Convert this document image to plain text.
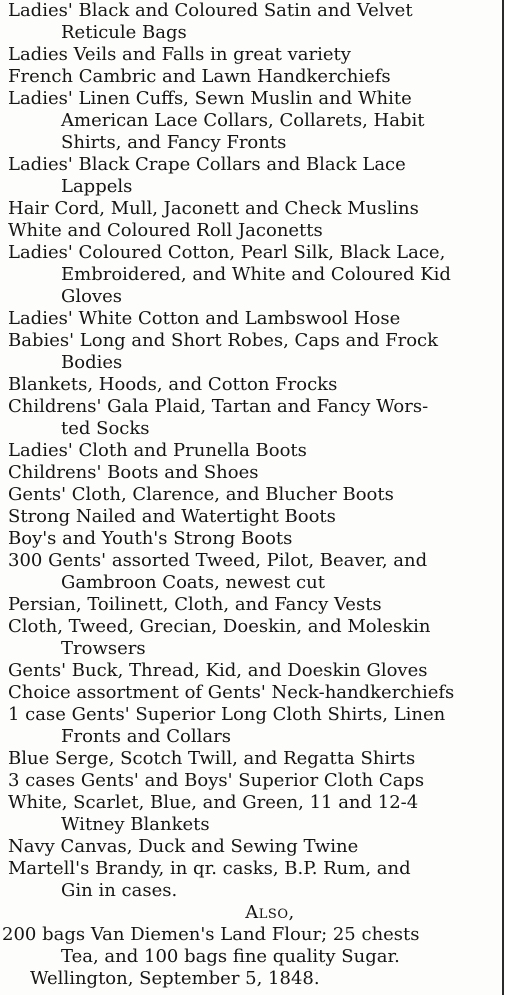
Ladies' Black and Coloured Satin and Velvet
Reticule Bags
Ladies Veils and Falls in great variety
French Cambric and Lawn Handkerchiefs
Ladies' Linen Cuffs, Sewn Muslin and White
American Lace Collars, Collarets, Habit
Shirts, and Fancy Fronts
Ladies' Black Crape Collars and Black Lace
Lappels
Hair Cord, Mull, Jaconett and Check Muslins
White and Coloured Roll Jaconetts
Ladies' Coloured Cotton, Pearl Silk, Black Lace,
Embroidered, and White and Coloured Kid
Gloves
Ladies' White Cotton and Lambswool Hose
Babies' Long and Short Robes, Caps and Frock
Bodies
Blankets, Hoods, and Cotton Frocks
Childrens' Gala Plaid, Tartan and Fancy Wors-
ted Socks
Ladies' Cloth and Prunella Boots
Childrens' Boots and Shoes
Gents' Cloth, Clarence, and Blucher Boots
Strong Nailed and Watertight Boots
Boy's and Youth's Strong Boots
300 Gents' assorted Tweed, Pilot, Beaver, and
Gambroon Coats, newest cut
Persian, Toilinett, Cloth, and Fancy Vests
Cloth, Tweed, Grecian, Doeskin, and Moleskin
Trowsers
Gents' Buck, Thread, Kid, and Doeskin Gloves
Choice assortment of Gents' Neck-handkerchiefs
1 case Gents' Superior Long Cloth Shirts, Linen
Fronts and Collars
Blue Serge, Scotch Twill, and Regatta Shirts
3 cases Gents' and Boys' Superior Cloth Caps
White, Scarlet, Blue, and Green, 11 and 12-4
Witney Blankets
Navy Canvas, Duck and Sewing Twine
Martell's Brandy, in qr. casks, B.P. Rum, and
Gin in cases.
Also,
200 bags Van Diemen's Land Flour; 25 chests
Tea, and 100 bags fine quality Sugar.
Wellington, September 5, 1848.
